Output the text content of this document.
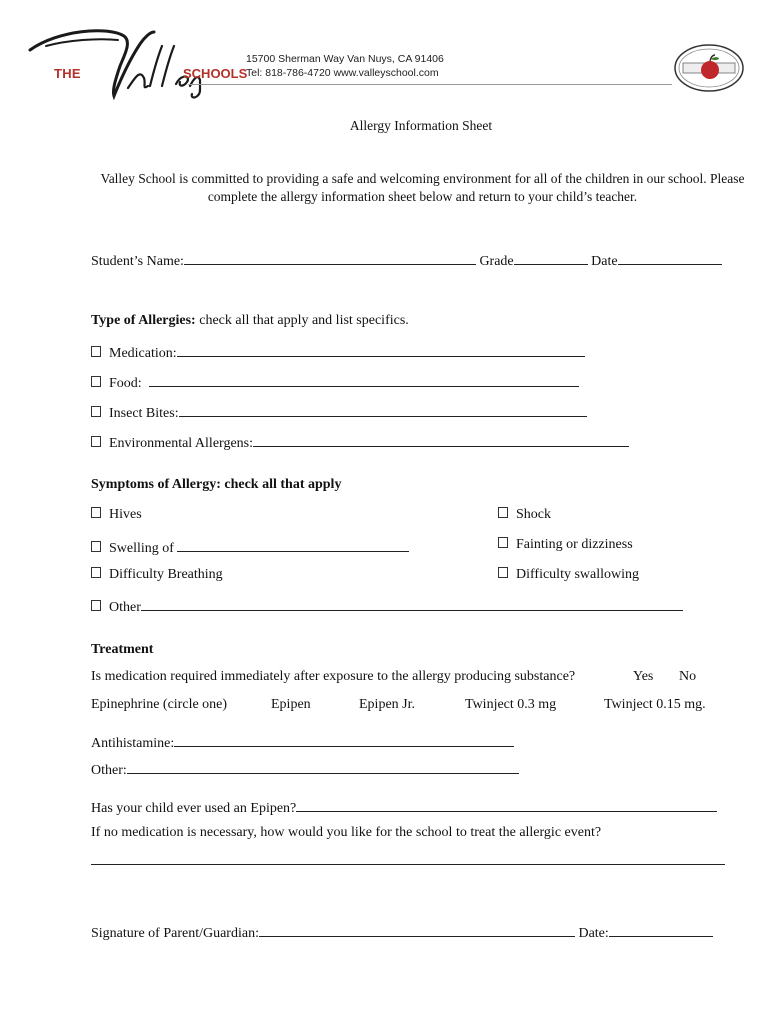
THE	SCHOOLS
15700 Sherman Way Van Nuys, CA 91406
Tel: 818-786-4720 www.valleyschool.com
Allergy Information Sheet
Valley School is committed to providing a safe and welcoming environment for all of the children in our school. Please complete the allergy information sheet below and return to your child’s teacher.
Student’s Name:	Grade	Date
Type of Allergies: check all that apply and list specifics.
Medication:
Food:
Insect Bites:
Environmental Allergens:
Symptoms of Allergy: check all that apply
Hives	Shock
Swelling of	Fainting or dizziness
Difficulty Breathing	Difficulty swallowing
Other
Treatment
Is medication required immediately after exposure to the allergy producing substance?	Yes No
Epinephrine (circle one)	Epipen	Epipen Jr.	Twinject 0.3 mg	Twinject 0.15 mg.
Antihistamine:
Other:
Has your child ever used an Epipen?
If no medication is necessary, how would you like for the school to treat the allergic event?
Signature of Parent/Guardian:	Date:
